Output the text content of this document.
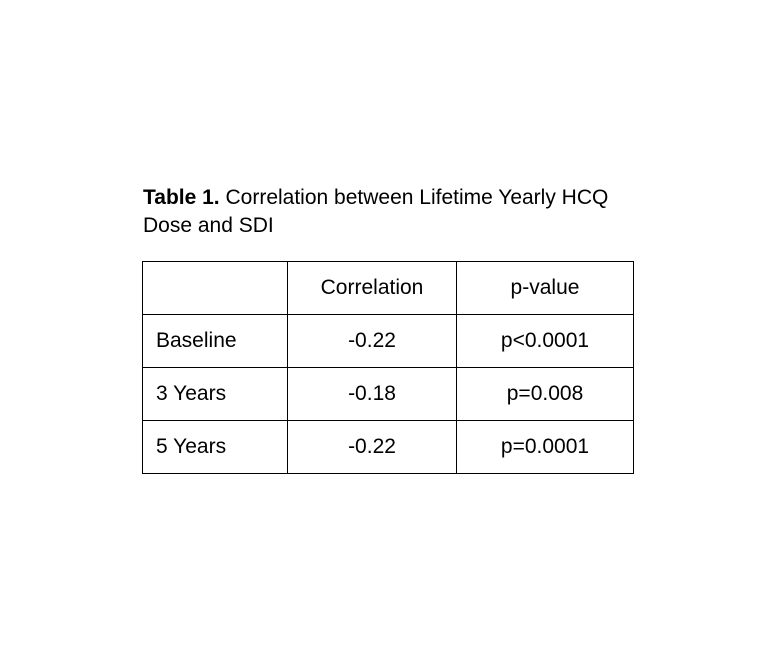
Table 1. Correlation between Lifetime Yearly HCQ Dose and SDI
	Correlation	p-value
Baseline	-0.22	p<0.0001
3 Years	-0.18	p=0.008
5 Years	-0.22	p=0.0001
